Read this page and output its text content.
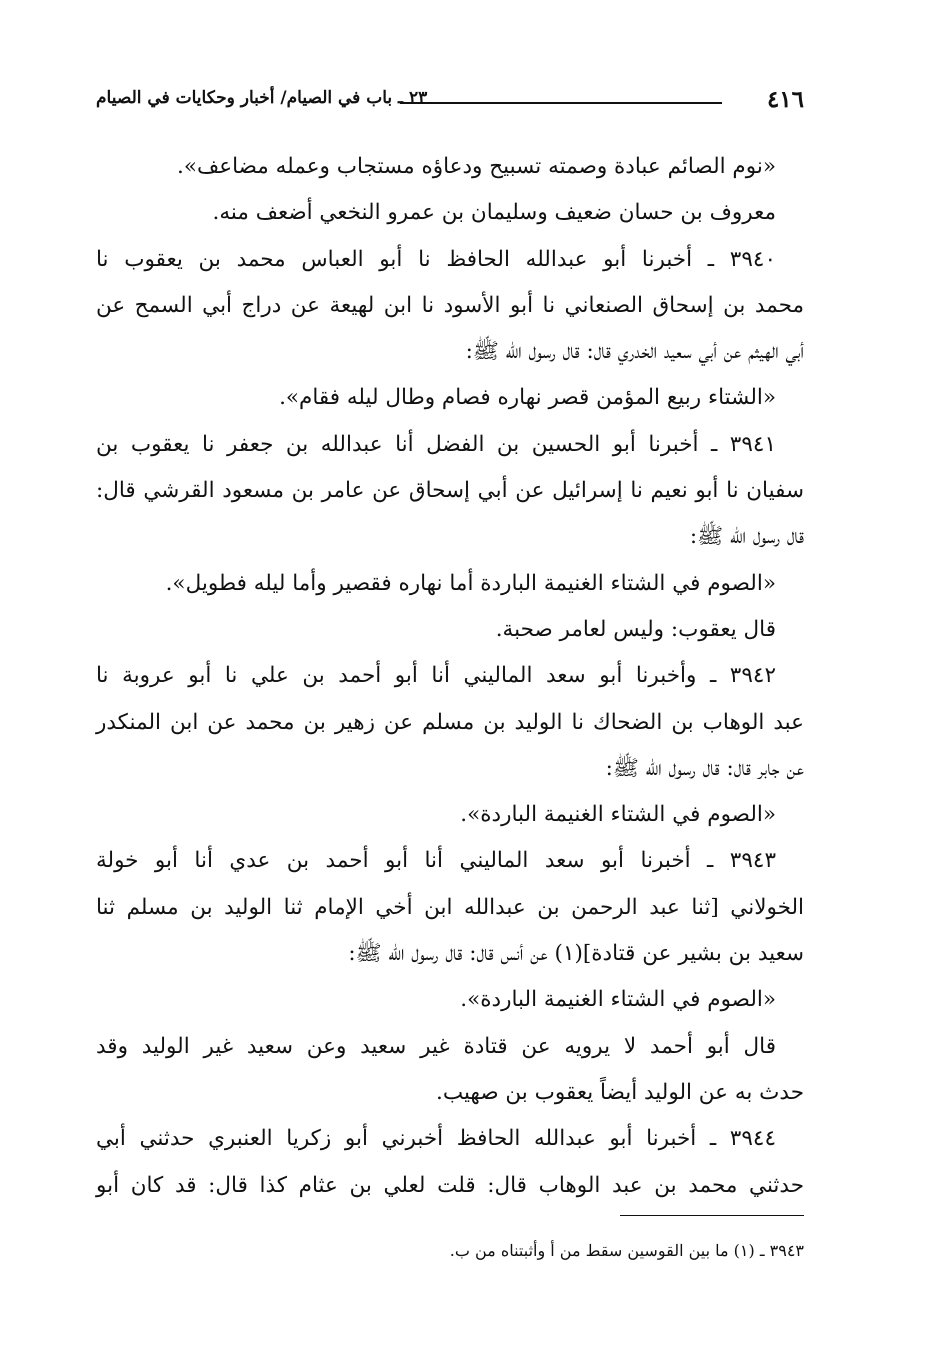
٤١٦
٢٣ ـ باب في الصيام/ أخبار وحكايات في الصيام
«نوم الصائم عبادة وصمته تسبيح ودعاؤه مستجاب وعمله مضاعف».
معروف بن حسان ضعيف وسليمان بن عمرو النخعي أضعف منه.
٣٩٤٠ ـ أخبرنا أبو عبدالله الحافظ نا أبو العباس محمد بن يعقوب نا
محمد بن إسحاق الصنعاني نا أبو الأسود نا ابن لهيعة عن دراج أبي السمح عن
أبي الهيثم عن أبي سعيد الخدري قال: قال رسول الله ﷺ:
«الشتاء ربيع المؤمن قصر نهاره فصام وطال ليله فقام».
٣٩٤١ ـ أخبرنا أبو الحسين بن الفضل أنا عبدالله بن جعفر نا يعقوب بن
سفيان نا أبو نعيم نا إسرائيل عن أبي إسحاق عن عامر بن مسعود القرشي قال:
قال رسول الله ﷺ:
«الصوم في الشتاء الغنيمة الباردة أما نهاره فقصير وأما ليله فطويل».
قال يعقوب: وليس لعامر صحبة.
٣٩٤٢ ـ وأخبرنا أبو سعد الماليني أنا أبو أحمد بن علي نا أبو عروبة نا
عبد الوهاب بن الضحاك نا الوليد بن مسلم عن زهير بن محمد عن ابن المنكدر
عن جابر قال: قال رسول الله ﷺ:
«الصوم في الشتاء الغنيمة الباردة».
٣٩٤٣ ـ أخبرنا أبو سعد الماليني أنا أبو أحمد بن عدي أنا أبو خولة
الخولاني [ثنا عبد الرحمن بن عبدالله ابن أخي الإمام ثنا الوليد بن مسلم ثنا
سعيد بن بشير عن قتادة](١) عن أنس قال: قال رسول الله ﷺ:
«الصوم في الشتاء الغنيمة الباردة».
قال أبو أحمد لا يرويه عن قتادة غير سعيد وعن سعيد غير الوليد وقد
حدث به عن الوليد أيضاً يعقوب بن صهيب.
٣٩٤٤ ـ أخبرنا أبو عبدالله الحافظ أخبرني أبو زكريا العنبري حدثني أبي
حدثني محمد بن عبد الوهاب قال: قلت لعلي بن عثام كذا قال: قد كان أبو
٣٩٤٣ ـ (١) ما بين القوسين سقط من أ وأثبتناه من ب.
